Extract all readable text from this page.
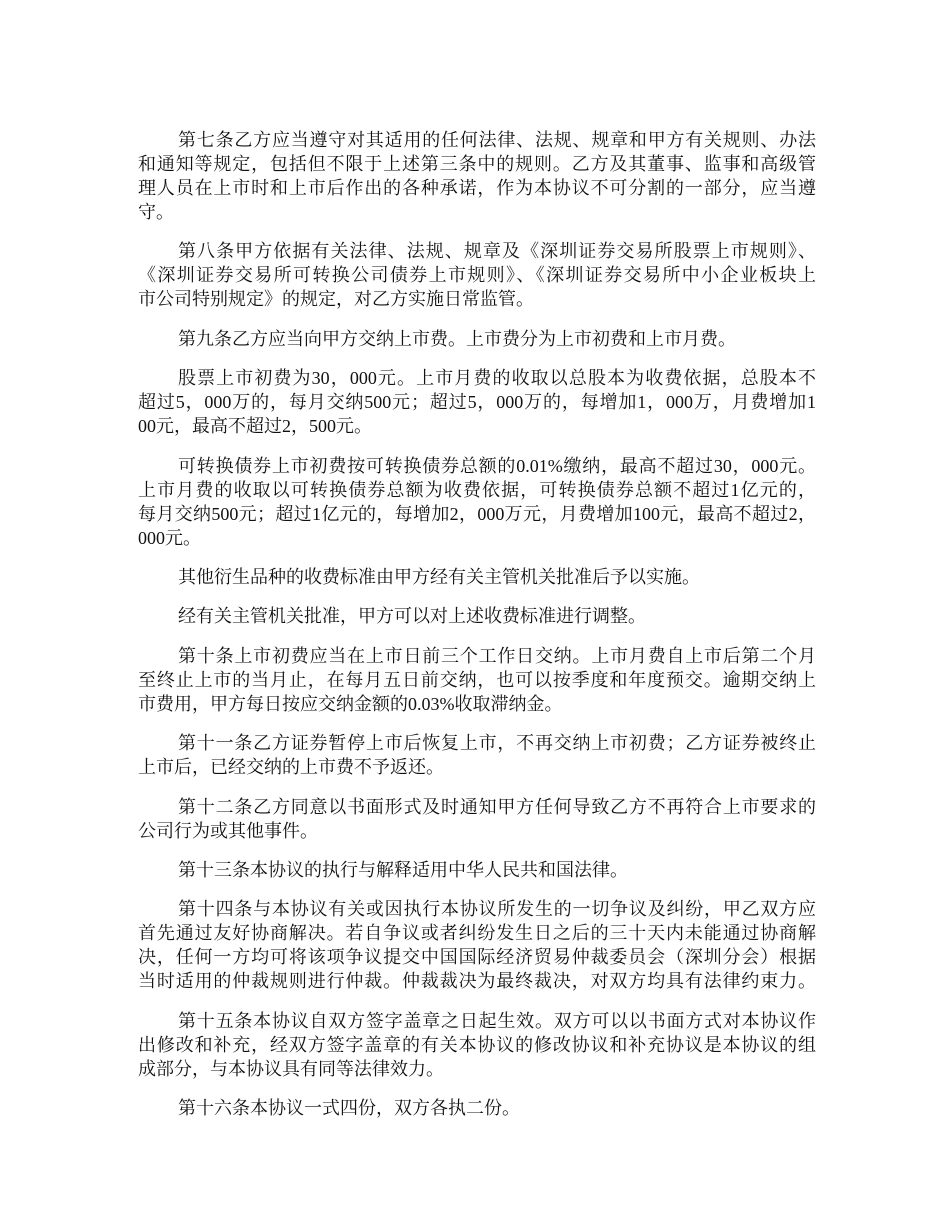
第七条乙方应当遵守对其适用的任何法律、法规、规章和甲方有关规则、办法
和通知等规定，包括但不限于上述第三条中的规则。乙方及其董事、监事和高级管
理人员在上市时和上市后作出的各种承诺，作为本协议不可分割的一部分，应当遵
守。
第八条甲方依据有关法律、法规、规章及《深圳证券交易所股票上市规则》、
《深圳证券交易所可转换公司债券上市规则》、《深圳证券交易所中小企业板块上
市公司特别规定》的规定，对乙方实施日常监管。
第九条乙方应当向甲方交纳上市费。上市费分为上市初费和上市月费。
股票上市初费为30，000元。上市月费的收取以总股本为收费依据，总股本不
超过5，000万的，每月交纳500元；超过5，000万的，每增加1，000万，月费增加1
00元，最高不超过2，500元。
可转换债券上市初费按可转换债券总额的0.01%缴纳，最高不超过30，000元。
上市月费的收取以可转换债券总额为收费依据，可转换债券总额不超过1亿元的，
每月交纳500元；超过1亿元的，每增加2，000万元，月费增加100元，最高不超过2，
000元。
其他衍生品种的收费标准由甲方经有关主管机关批准后予以实施。
经有关主管机关批准，甲方可以对上述收费标准进行调整。
第十条上市初费应当在上市日前三个工作日交纳。上市月费自上市后第二个月
至终止上市的当月止，在每月五日前交纳，也可以按季度和年度预交。逾期交纳上
市费用，甲方每日按应交纳金额的0.03%收取滞纳金。
第十一条乙方证券暂停上市后恢复上市，不再交纳上市初费；乙方证券被终止
上市后，已经交纳的上市费不予返还。
第十二条乙方同意以书面形式及时通知甲方任何导致乙方不再符合上市要求的
公司行为或其他事件。
第十三条本协议的执行与解释适用中华人民共和国法律。
第十四条与本协议有关或因执行本协议所发生的一切争议及纠纷，甲乙双方应
首先通过友好协商解决。若自争议或者纠纷发生日之后的三十天内未能通过协商解
决，任何一方均可将该项争议提交中国国际经济贸易仲裁委员会（深圳分会）根据
当时适用的仲裁规则进行仲裁。仲裁裁决为最终裁决，对双方均具有法律约束力。
第十五条本协议自双方签字盖章之日起生效。双方可以以书面方式对本协议作
出修改和补充，经双方签字盖章的有关本协议的修改协议和补充协议是本协议的组
成部分，与本协议具有同等法律效力。
第十六条本协议一式四份，双方各执二份。
